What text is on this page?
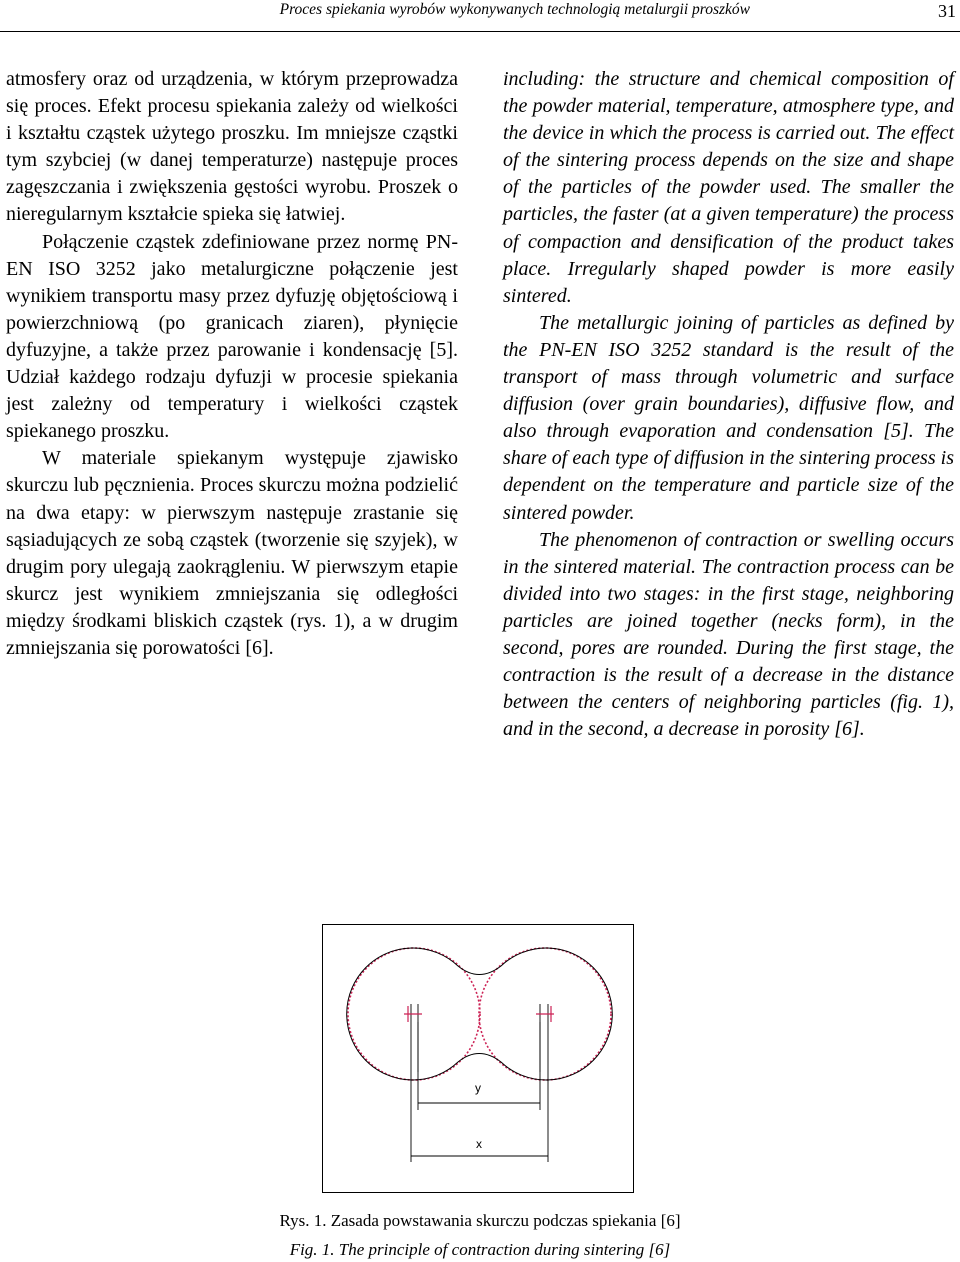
Proces spiekania wyrobów wykonywanych technologią metalurgii proszków	31

atmosfery oraz od urządzenia, w którym przeprowadza się proces. Efekt procesu spiekania zależy od wielkości i kształtu cząstek użytego proszku. Im mniejsze cząstki tym szybciej (w danej temperaturze) następuje proces zagęszczania i zwiększenia gęstości wyrobu. Proszek o nieregularnym kształcie spieka się łatwiej.

Połączenie cząstek zdefiniowane przez normę PN-EN ISO 3252 jako metalurgiczne połączenie jest wynikiem transportu masy przez dyfuzję objętościową i powierzchniową (po granicach ziaren), płynięcie dyfuzyjne, a także przez parowanie i kondensację [5]. Udział każdego rodzaju dyfuzji w procesie spiekania jest zależny od temperatury i wielkości cząstek spiekanego proszku.

W materiale spiekanym występuje zjawisko skurczu lub pęcznienia. Proces skurczu można podzielić na dwa etapy: w pierwszym następuje zrastanie się sąsiadujących ze sobą cząstek (tworzenie się szyjek), w drugim pory ulegają zaokrągleniu. W pierwszym etapie skurcz jest wynikiem zmniejszania się odległości między środkami bliskich cząstek (rys. 1), a w drugim zmniejszania się porowatości [6].

including: the structure and chemical composition of the powder material, temperature, atmosphere type, and the device in which the process is carried out. The effect of the sintering process depends on the size and shape of the particles of the powder used. The smaller the particles, the faster (at a given temperature) the process of compaction and densification of the product takes place. Irregularly shaped powder is more easily sintered.

The metallurgic joining of particles as defined by the PN-EN ISO 3252 standard is the result of the transport of mass through volumetric and surface diffusion (over grain boundaries), diffusive flow, and also through evaporation and condensation [5]. The share of each type of diffusion in the sintering process is dependent on the temperature and particle size of the sintered powder.

The phenomenon of contraction or swelling occurs in the sintered material. The contraction process can be divided into two stages: in the first stage, neighboring particles are joined together (necks form), in the second, pores are rounded. During the first stage, the contraction is the result of a decrease in the distance between the centers of neighboring particles (fig. 1), and in the second, a decrease in porosity [6].

y
x
Rys. 1. Zasada powstawania skurczu podczas spiekania [6]
Fig. 1. The principle of contraction during sintering [6]
